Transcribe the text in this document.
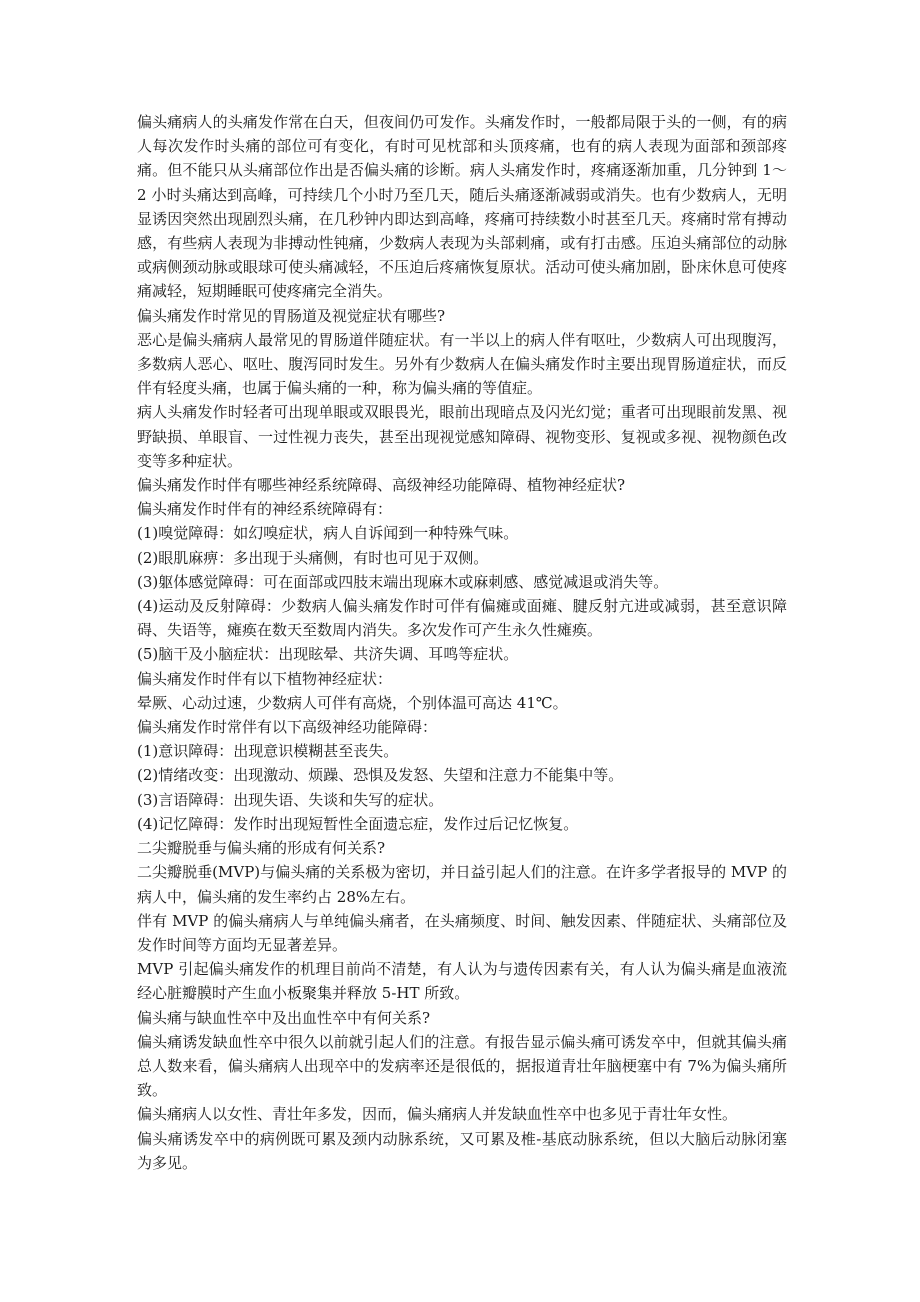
偏头痛病人的头痛发作常在白天，但夜间仍可发作。头痛发作时，一般都局限于头的一侧，有的病人每次发作时头痛的部位可有变化，有时可见枕部和头顶疼痛，也有的病人表现为面部和颈部疼痛。但不能只从头痛部位作出是否偏头痛的诊断。病人头痛发作时，疼痛逐渐加重，几分钟到 1～2 小时头痛达到高峰，可持续几个小时乃至几天，随后头痛逐渐减弱或消失。也有少数病人，无明显诱因突然出现剧烈头痛，在几秒钟内即达到高峰，疼痛可持续数小时甚至几天。疼痛时常有搏动感，有些病人表现为非搏动性钝痛，少数病人表现为头部刺痛，或有打击感。压迫头痛部位的动脉或病侧颈动脉或眼球可使头痛减轻，不压迫后疼痛恢复原状。活动可使头痛加剧，卧床休息可使疼痛减轻，短期睡眠可使疼痛完全消失。

偏头痛发作时常见的胃肠道及视觉症状有哪些?

恶心是偏头痛病人最常见的胃肠道伴随症状。有一半以上的病人伴有呕吐，少数病人可出现腹泻，多数病人恶心、呕吐、腹泻同时发生。另外有少数病人在偏头痛发作时主要出现胃肠道症状，而反伴有轻度头痛，也属于偏头痛的一种，称为偏头痛的等值症。

病人头痛发作时轻者可出现单眼或双眼畏光，眼前出现暗点及闪光幻觉；重者可出现眼前发黑、视野缺损、单眼盲、一过性视力丧失，甚至出现视觉感知障碍、视物变形、复视或多视、视物颜色改变等多种症状。

偏头痛发作时伴有哪些神经系统障碍、高级神经功能障碍、植物神经症状?

偏头痛发作时伴有的神经系统障碍有：

(1)嗅觉障碍：如幻嗅症状，病人自诉闻到一种特殊气味。

(2)眼肌麻痹：多出现于头痛侧，有时也可见于双侧。

(3)躯体感觉障碍：可在面部或四肢末端出现麻木或麻刺感、感觉减退或消失等。

(4)运动及反射障碍：少数病人偏头痛发作时可伴有偏瘫或面瘫、腱反射亢进或减弱，甚至意识障碍、失语等，瘫痪在数天至数周内消失。多次发作可产生永久性瘫痪。

(5)脑干及小脑症状：出现眩晕、共济失调、耳鸣等症状。

偏头痛发作时伴有以下植物神经症状：

晕厥、心动过速，少数病人可伴有高烧，个别体温可高达 41℃。

偏头痛发作时常伴有以下高级神经功能障碍：

(1)意识障碍：出现意识模糊甚至丧失。

(2)情绪改变：出现激动、烦躁、恐惧及发怒、失望和注意力不能集中等。

(3)言语障碍：出现失语、失谈和失写的症状。

(4)记忆障碍：发作时出现短暂性全面遗忘症，发作过后记忆恢复。

二尖瓣脱垂与偏头痛的形成有何关系?

二尖瓣脱垂(MVP)与偏头痛的关系极为密切，并日益引起人们的注意。在许多学者报导的 MVP 的病人中，偏头痛的发生率约占 28%左右。

伴有 MVP 的偏头痛病人与单纯偏头痛者，在头痛频度、时间、触发因素、伴随症状、头痛部位及发作时间等方面均无显著差异。

MVP 引起偏头痛发作的机理目前尚不清楚，有人认为与遗传因素有关，有人认为偏头痛是血液流经心脏瓣膜时产生血小板聚集并释放 5-HT 所致。

偏头痛与缺血性卒中及出血性卒中有何关系?

偏头痛诱发缺血性卒中很久以前就引起人们的注意。有报告显示偏头痛可诱发卒中，但就其偏头痛总人数来看，偏头痛病人出现卒中的发病率还是很低的，据报道青壮年脑梗塞中有 7%为偏头痛所致。

偏头痛病人以女性、青壮年多发，因而，偏头痛病人并发缺血性卒中也多见于青壮年女性。

偏头痛诱发卒中的病例既可累及颈内动脉系统，又可累及椎-基底动脉系统，但以大脑后动脉闭塞为多见。
